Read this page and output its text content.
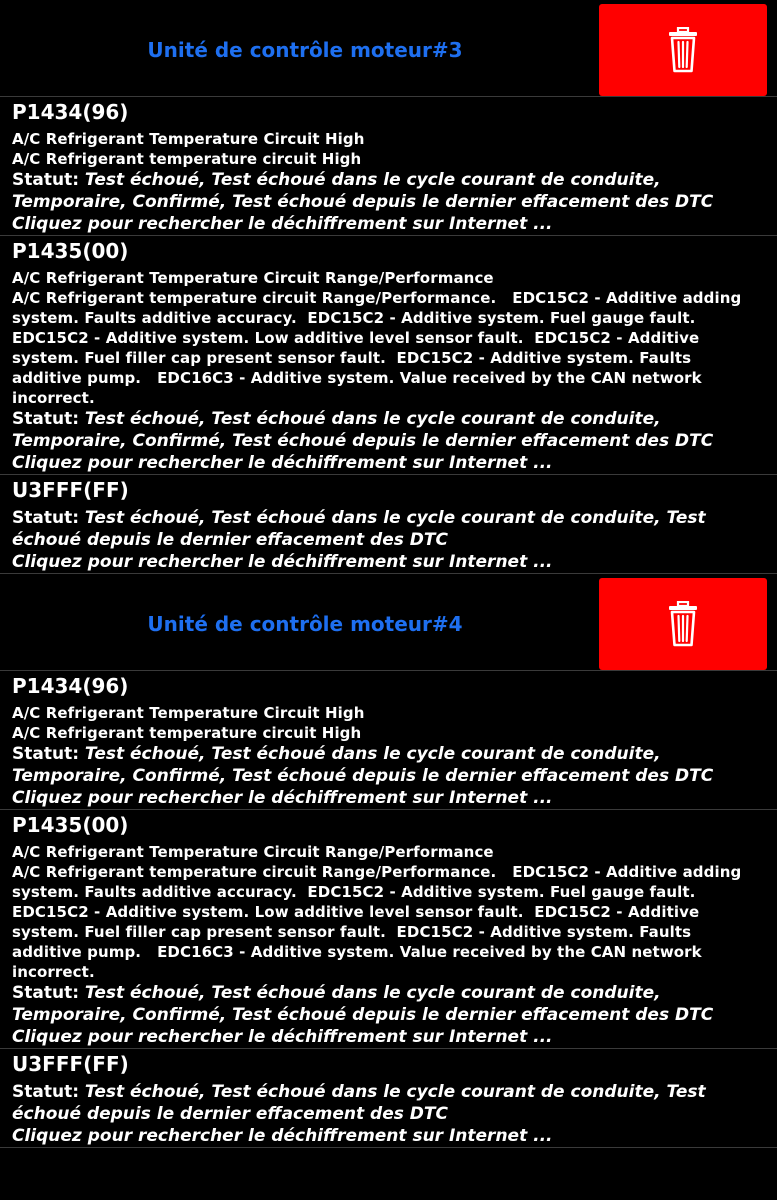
Unité de contrôle moteur#3
P1434(96)
A/C Refrigerant Temperature Circuit High
A/C Refrigerant temperature circuit High
Statut: Test échoué, Test échoué dans le cycle courant de conduite, Temporaire, Confirmé, Test échoué depuis le dernier effacement des DTC
Cliquez pour rechercher le déchiffrement sur Internet ...
P1435(00)
A/C Refrigerant Temperature Circuit Range/Performance
A/C Refrigerant temperature circuit Range/Performance.   EDC15C2 - Additive adding system. Faults additive accuracy.  EDC15C2 - Additive system. Fuel gauge fault.  EDC15C2 - Additive system. Low additive level sensor fault.  EDC15C2 - Additive system. Fuel filler cap present sensor fault.  EDC15C2 - Additive system. Faults additive pump.   EDC16C3 - Additive system. Value received by the CAN network incorrect.
Statut: Test échoué, Test échoué dans le cycle courant de conduite, Temporaire, Confirmé, Test échoué depuis le dernier effacement des DTC
Cliquez pour rechercher le déchiffrement sur Internet ...
U3FFF(FF)
Statut: Test échoué, Test échoué dans le cycle courant de conduite, Test échoué depuis le dernier effacement des DTC
Cliquez pour rechercher le déchiffrement sur Internet ...
Unité de contrôle moteur#4
P1434(96)
A/C Refrigerant Temperature Circuit High
A/C Refrigerant temperature circuit High
Statut: Test échoué, Test échoué dans le cycle courant de conduite, Temporaire, Confirmé, Test échoué depuis le dernier effacement des DTC
Cliquez pour rechercher le déchiffrement sur Internet ...
P1435(00)
A/C Refrigerant Temperature Circuit Range/Performance
A/C Refrigerant temperature circuit Range/Performance.   EDC15C2 - Additive adding system. Faults additive accuracy.  EDC15C2 - Additive system. Fuel gauge fault.  EDC15C2 - Additive system. Low additive level sensor fault.  EDC15C2 - Additive system. Fuel filler cap present sensor fault.  EDC15C2 - Additive system. Faults additive pump.   EDC16C3 - Additive system. Value received by the CAN network incorrect.
Statut: Test échoué, Test échoué dans le cycle courant de conduite, Temporaire, Confirmé, Test échoué depuis le dernier effacement des DTC
Cliquez pour rechercher le déchiffrement sur Internet ...
U3FFF(FF)
Statut: Test échoué, Test échoué dans le cycle courant de conduite, Test échoué depuis le dernier effacement des DTC
Cliquez pour rechercher le déchiffrement sur Internet ...
